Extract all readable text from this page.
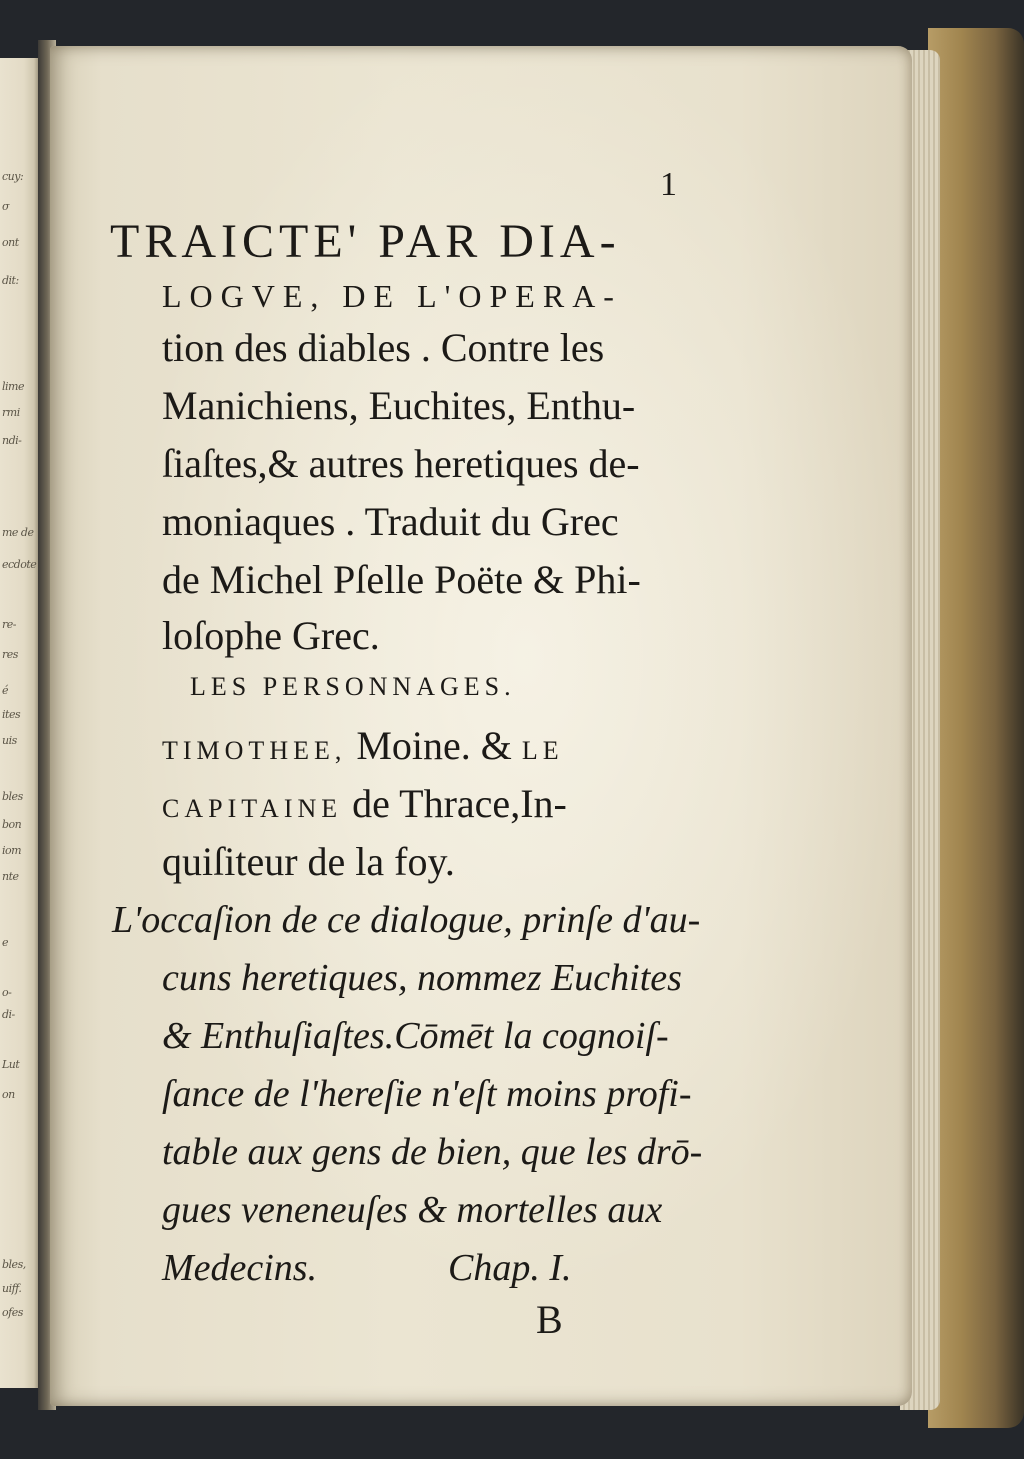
cuy:
σ
ont
dit:
lime
rmi
ndi-
me de
ecdote
re-
res
é
ites
uis
bles
bon
iom
nte
e
o-
di-
Lut
on
bles,
uiff.
ofes
1
TRAICTE' PAR DIA-
LOGVE, DE L'OPERA-
tion des diables . Contre les
Manichiens, Euchites, Enthu-
ſiaſtes,& autres heretiques de-
moniaques . Traduit du Grec
de Michel Pſelle Poëte & Phi-
loſophe Grec.
LES PERSONNAGES.
TIMOTHEE, Moine. & LE
CAPITAINE de Thrace,In-
quiſiteur de la foy.
L'occaſion de ce dialogue, prinſe d'au-
cuns heretiques, nommez Euchites
& Enthuſiaſtes.Cōmēt la cognoiſ-
ſance de l'hereſie n'eſt moins profi-
table aux gens de bien, que les drō-
gues veneneuſes & mortelles aux
Medecins.	Chap. I.
B
